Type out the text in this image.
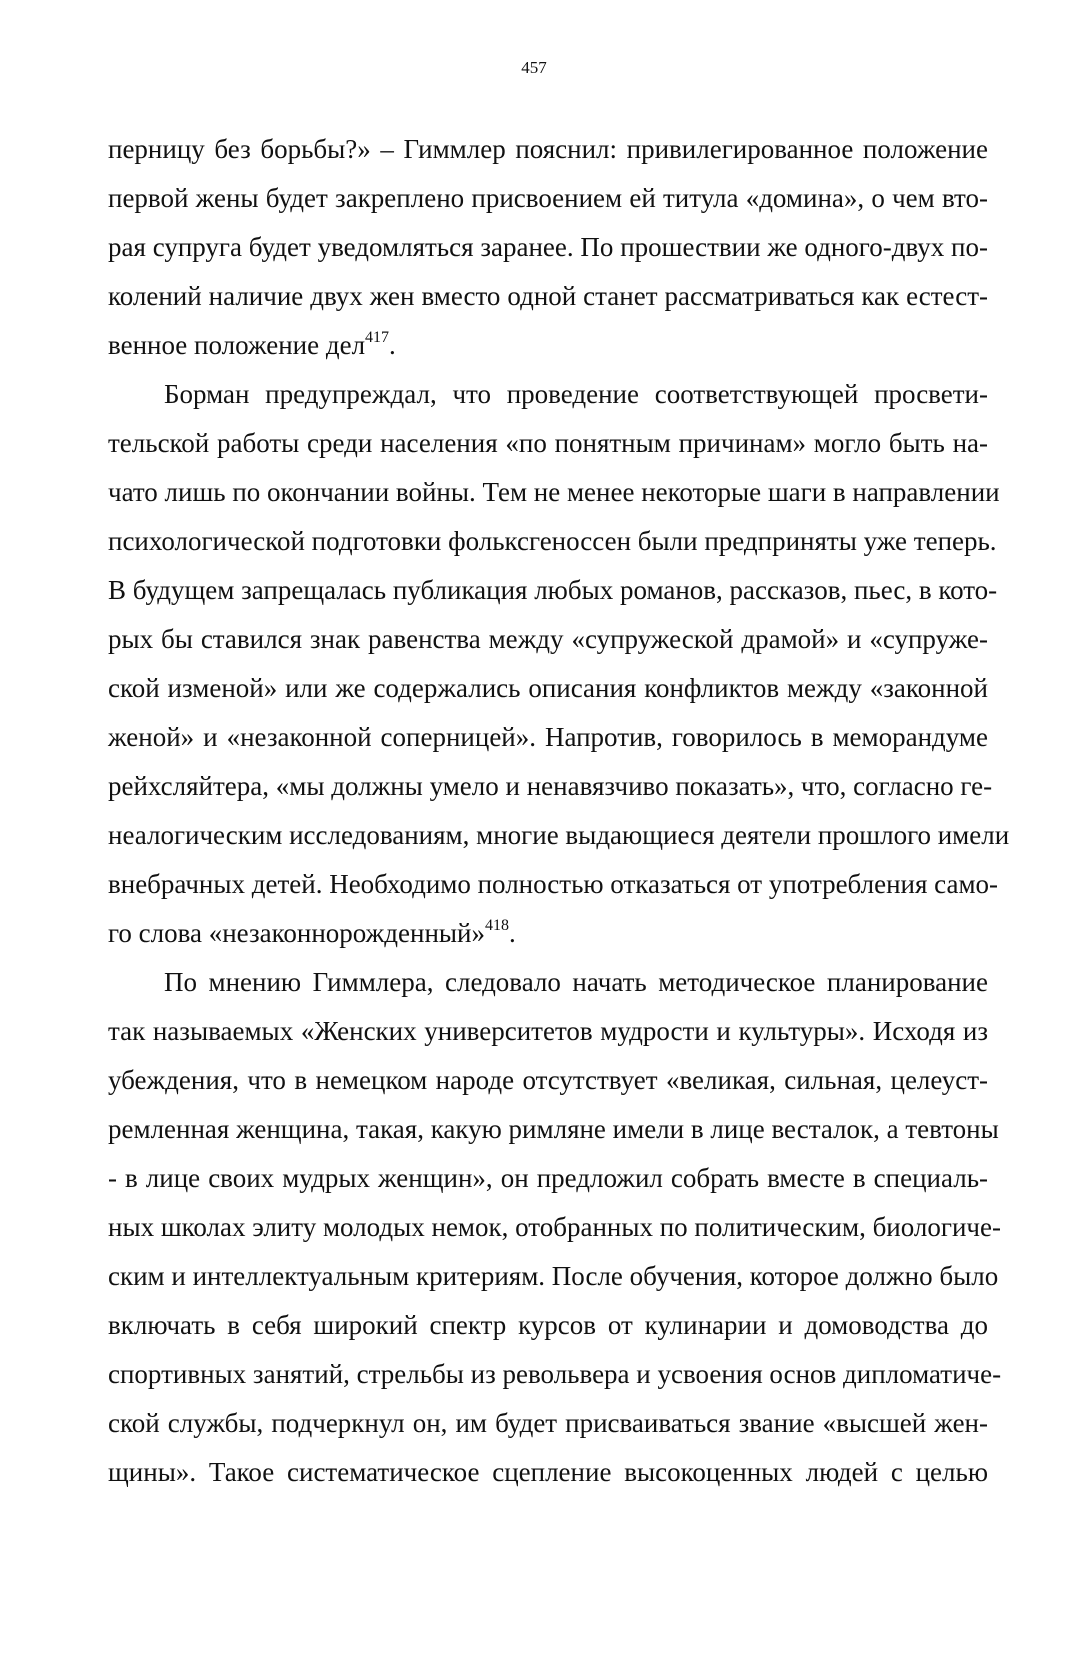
457
перницу без борьбы?» – Гиммлер пояснил: привилегированное положение
первой жены будет закреплено присвоением ей титула «домина», о чем вто-
рая супруга будет уведомляться заранее. По прошествии же одного-двух по-
колений наличие двух жен вместо одной станет рассматриваться как естест-
венное положение дел$^{417}$.
Борман предупреждал, что проведение соответствующей просвети-
тельской работы среди населения «по понятным причинам» могло быть на-
чато лишь по окончании войны. Тем не менее некоторые шаги в направлении
психологической подготовки фольксгеноссен были предприняты уже теперь.
В будущем запрещалась публикация любых романов, рассказов, пьес, в кото-
рых бы ставился знак равенства между «супружеской драмой» и «супруже-
ской изменой» или же содержались описания конфликтов между «законной
женой» и «незаконной соперницей». Напротив, говорилось в меморандуме
рейхсляйтера, «мы должны умело и ненавязчиво показать», что, согласно ге-
неалогическим исследованиям, многие выдающиеся деятели прошлого имели
внебрачных детей. Необходимо полностью отказаться от употребления само-
го слова «незаконнорожденный»$^{418}$.
По мнению Гиммлера, следовало начать методическое планирование
так называемых «Женских университетов мудрости и культуры». Исходя из
убеждения, что в немецком народе отсутствует «великая, сильная, целеуст-
ремленная женщина, такая, какую римляне имели в лице весталок, а тевтоны
- в лице своих мудрых женщин», он предложил собрать вместе в специаль-
ных школах элиту молодых немок, отобранных по политическим, биологиче-
ским и интеллектуальным критериям. После обучения, которое должно было
включать в себя широкий спектр курсов от кулинарии и домоводства до
спортивных занятий, стрельбы из револьвера и усвоения основ дипломатиче-
ской службы, подчеркнул он, им будет присваиваться звание «высшей жен-
щины». Такое систематическое сцепление высокоценных людей с целью
